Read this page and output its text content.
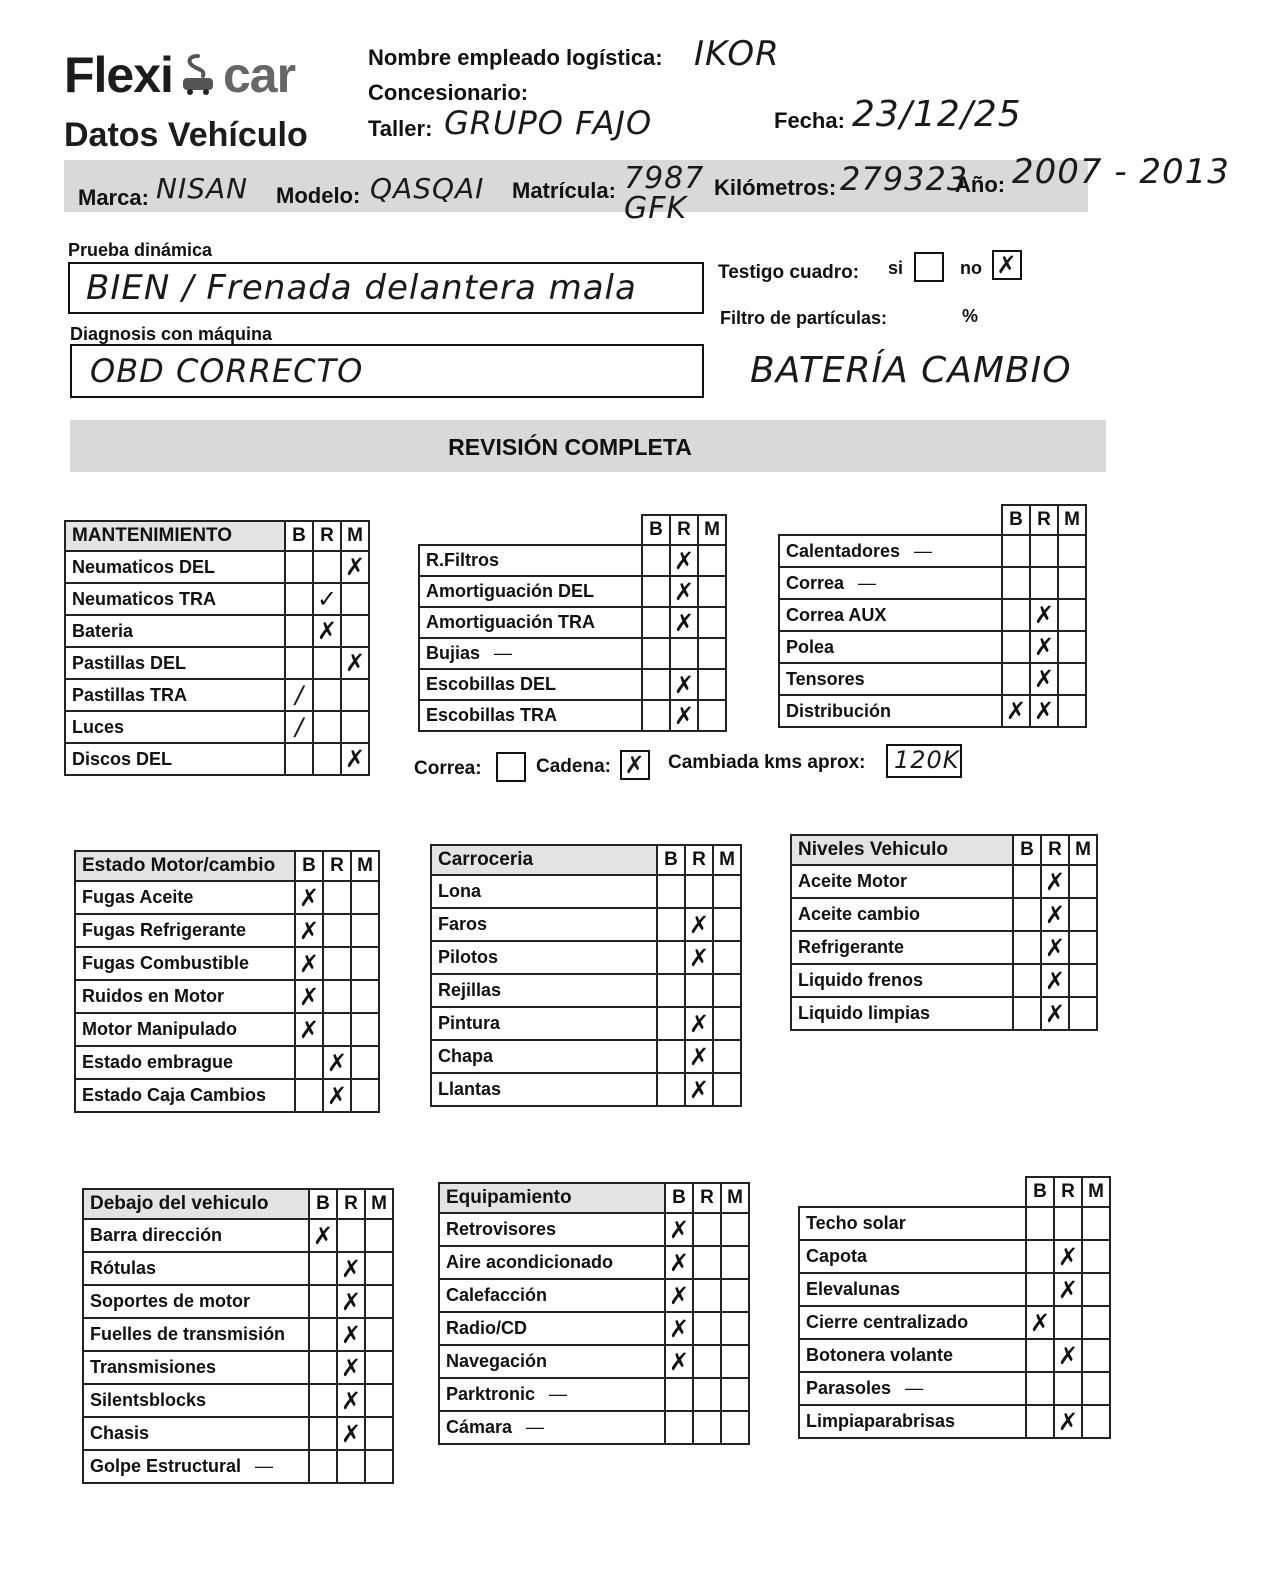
Flexi car
Datos Vehículo
Nombre empleado logística: IKOR
Concesionario:
Taller: GRUPO FAJO	Fecha: 23/12/25
Marca: NISAN Modelo: QASQAI Matrícula: 7987 GFK
Kilómetros: 279323
Año: 2007 - 2013
Prueba dinámica
BIEN / Frenada delantera mala
Diagnosis con máquina
OBD CORRECTO
Testigo cuadro: si	no ✗
Filtro de partículas:	%
BATERÍA CAMBIO
REVISIÓN COMPLETA
MANTENIMIENTO	B	R	M
Neumaticos DEL			✗
Neumaticos TRA		✓	
Bateria		✗	
Pastillas DEL			✗
Pastillas TRA	/		
Luces	/		
Discos DEL			✗
	B	R	M
R.Filtros		✗	
Amortiguación DEL		✗	
Amortiguación TRA		✗	
Bujias —			
Escobillas DEL		✗	
Escobillas TRA		✗	
	B	R	M
Calentadores —			
Correa —			
Correa AUX		✗	
Polea		✗	
Tensores		✗	
Distribución	✗	✗	
Estado Motor/cambio	B	R	M
Fugas Aceite	✗		
Fugas Refrigerante	✗		
Fugas Combustible	✗		
Ruidos en Motor	✗		
Motor Manipulado	✗		
Estado embrague		✗	
Estado Caja Cambios		✗	
Carroceria	B	R	M
Lona			
Faros		✗	
Pilotos		✗	
Rejillas			
Pintura		✗	
Chapa		✗	
Llantas		✗	
Niveles Vehiculo	B	R	M
Aceite Motor		✗	
Aceite cambio		✗	
Refrigerante		✗	
Liquido frenos		✗	
Liquido limpias		✗	
Debajo del vehiculo	B	R	M
Barra dirección	✗		
Rótulas		✗	
Soportes de motor		✗	
Fuelles de transmisión		✗	
Transmisiones		✗	
Silentsblocks		✗	
Chasis		✗	
Golpe Estructural —			
Equipamiento	B	R	M
Retrovisores	✗		
Aire acondicionado	✗		
Calefacción	✗		
Radio/CD	✗		
Navegación	✗		
Parktronic —			
Cámara —			
	B	R	M
Techo solar			
Capota		✗	
Elevalunas		✗	
Cierre centralizado	✗		
Botonera volante		✗	
Parasoles —			
Limpiaparabrisas		✗	
Correa:	Cadena: ✗ Cambiada kms aprox: 120K
